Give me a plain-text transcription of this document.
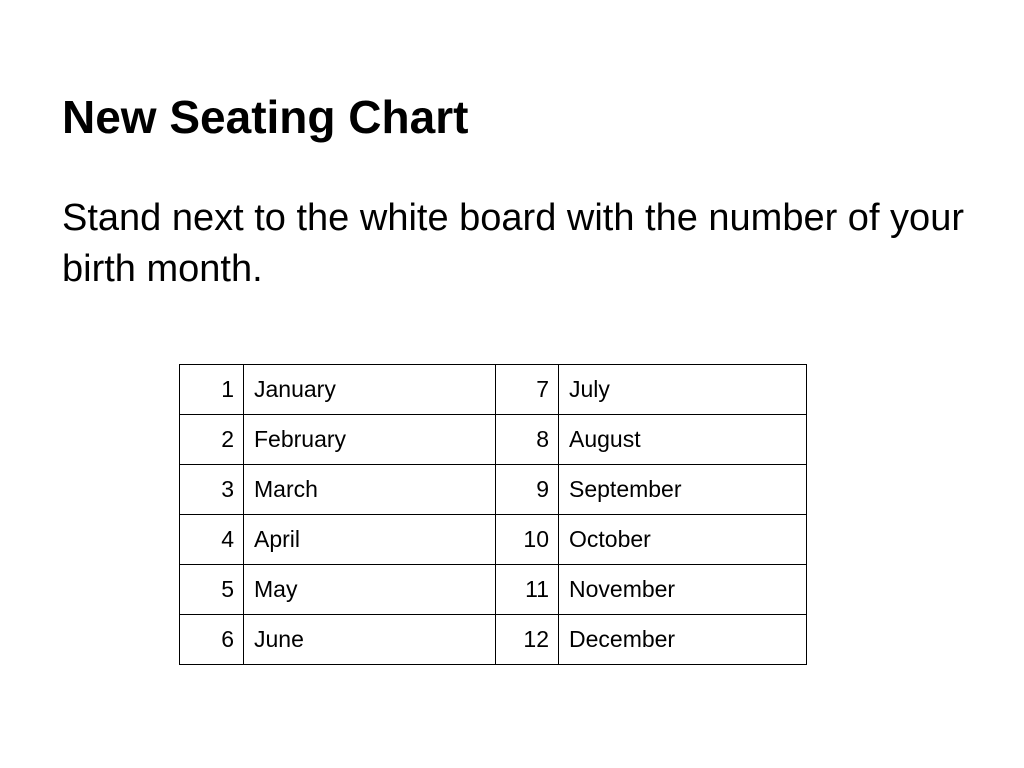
New Seating Chart

Stand next to the white board with the number of your birth month.

1	January	7	July
2	February	8	August
3	March	9	September
4	April	10	October
5	May	11	November
6	June	12	December
